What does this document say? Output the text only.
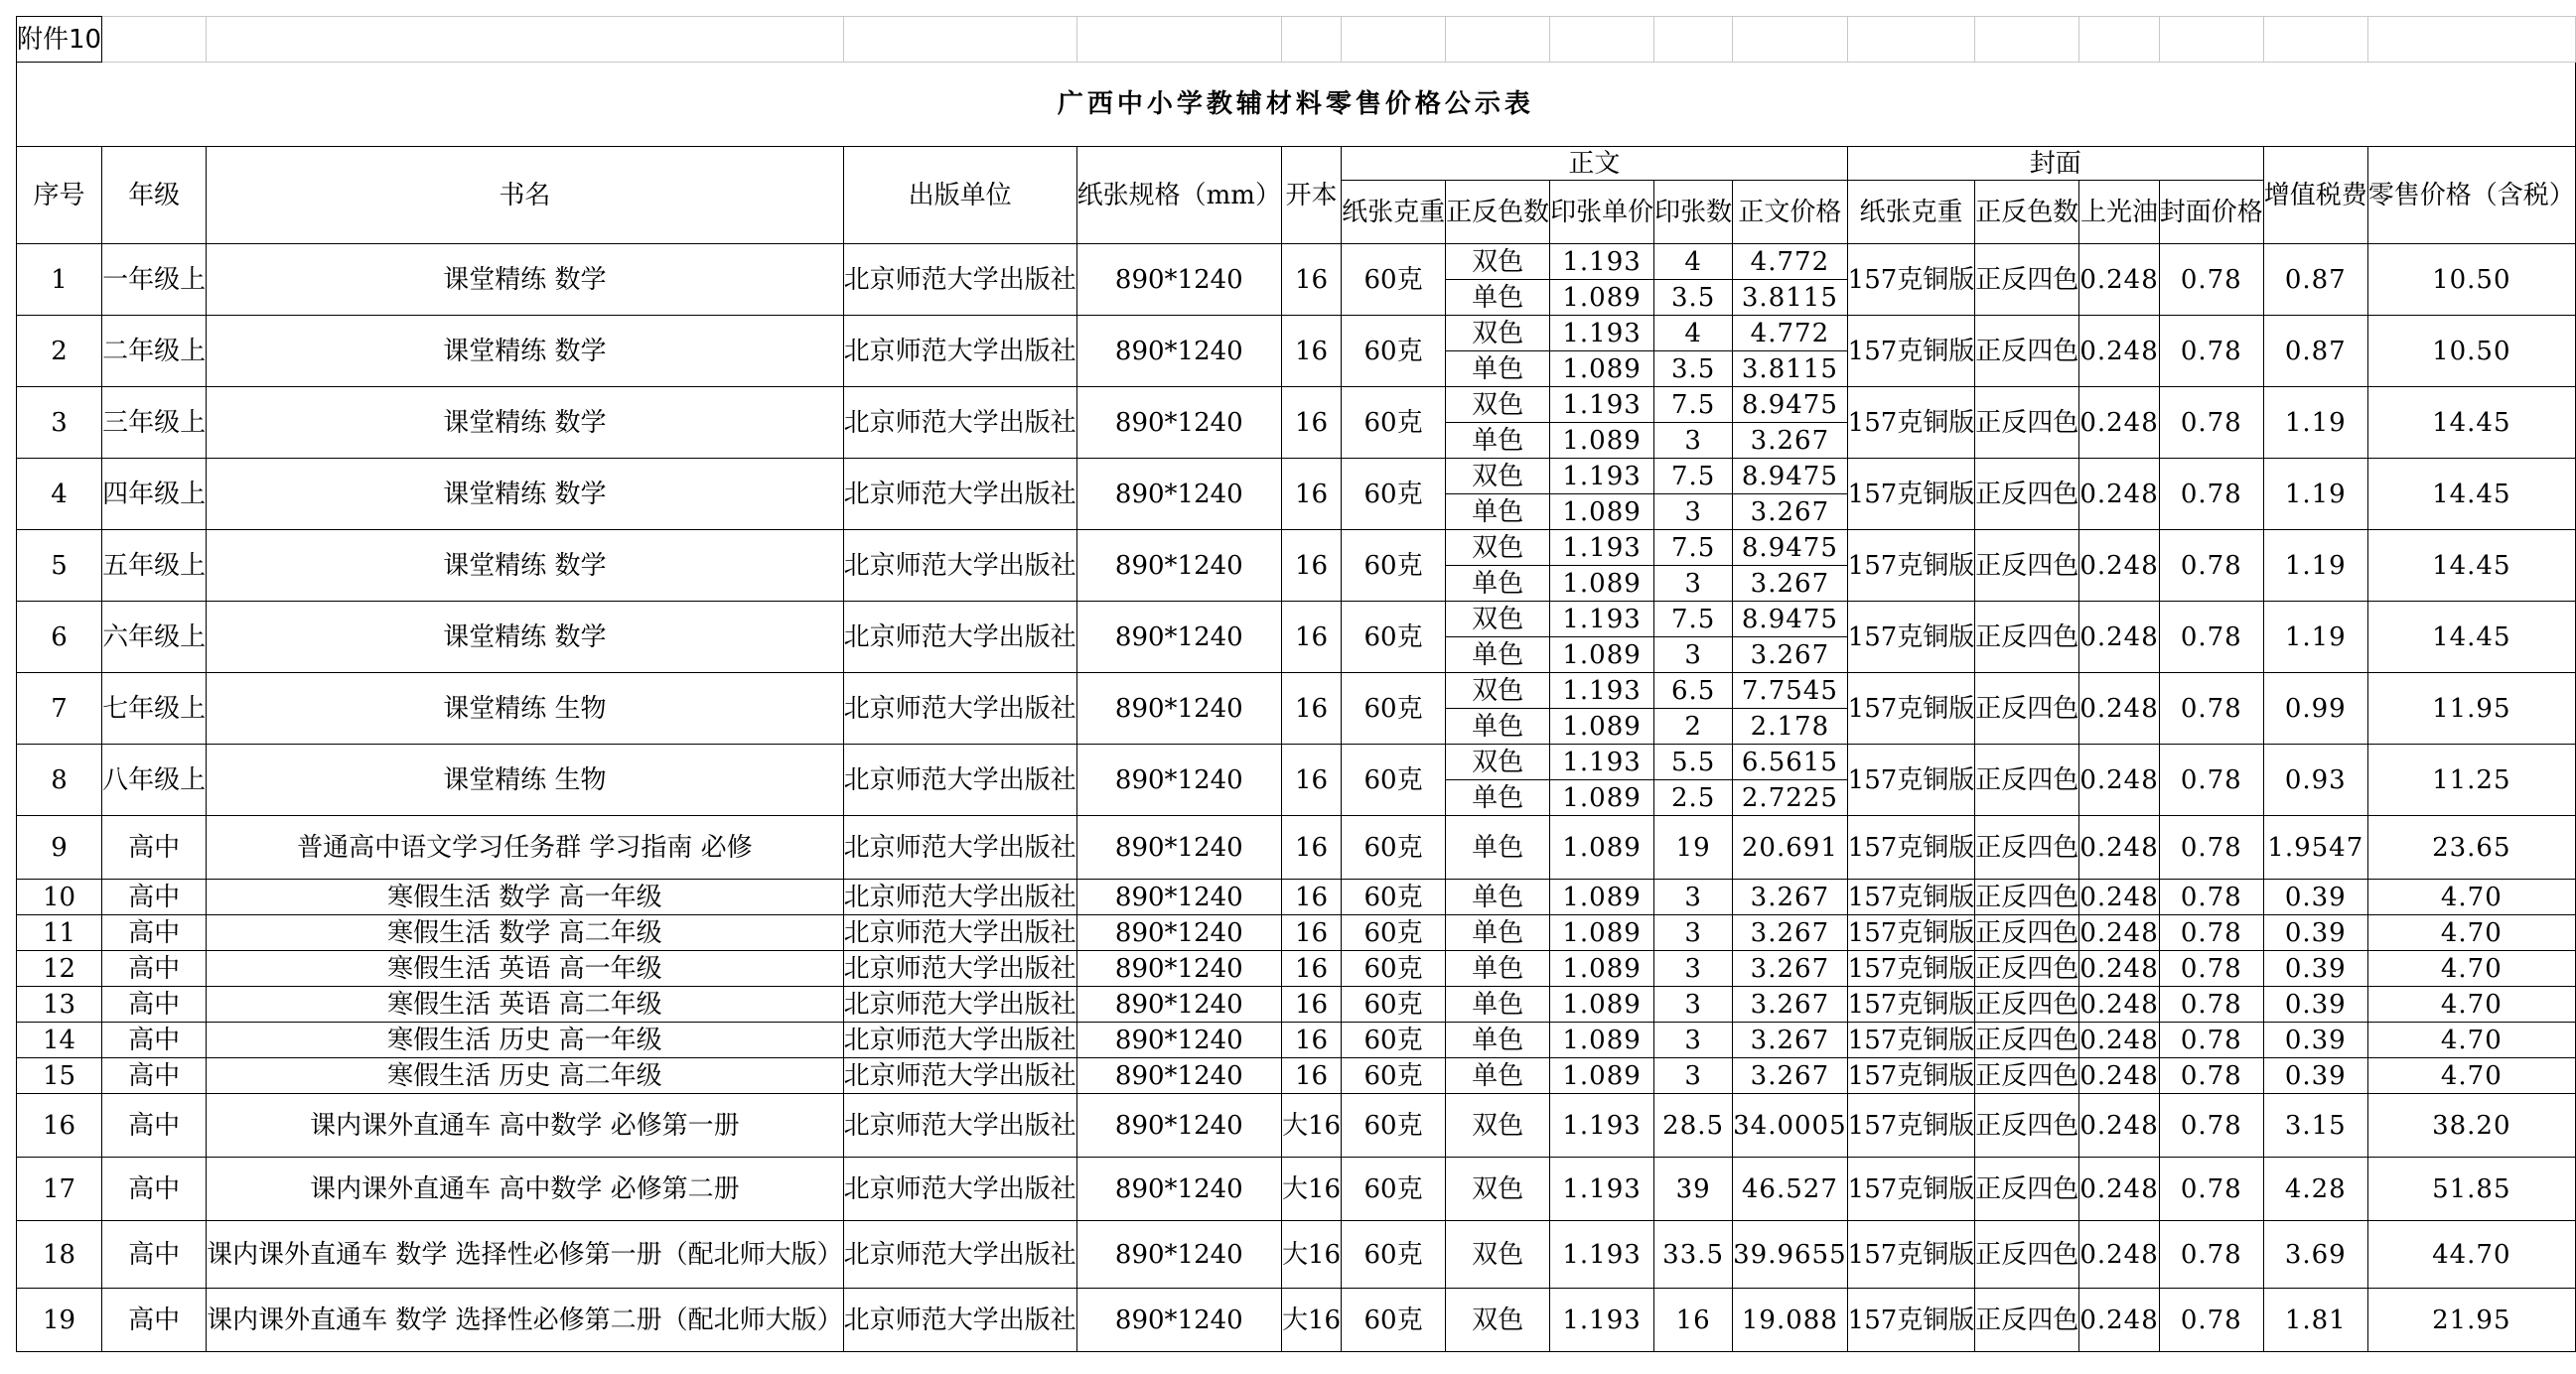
附件10																
广西中小学教辅材料零售价格公示表																
序号	年级	书名	出版单位	纸张规格（mm）	开本	正文					封面				增值税费	零售价格（含税）
						纸张克重	正反色数	印张单价	印张数	正文价格	纸张克重	正反色数	上光油	封面价格		
1	一年级上	课堂精练 数学	北京师范大学出版社	890*1240	16	60克	双色	1.193	4	4.772	157克铜版	正反四色	0.248	0.78	0.87	10.50
							单色	1.089	3.5	3.8115						
2	二年级上	课堂精练 数学	北京师范大学出版社	890*1240	16	60克	双色	1.193	4	4.772	157克铜版	正反四色	0.248	0.78	0.87	10.50
							单色	1.089	3.5	3.8115						
3	三年级上	课堂精练 数学	北京师范大学出版社	890*1240	16	60克	双色	1.193	7.5	8.9475	157克铜版	正反四色	0.248	0.78	1.19	14.45
							单色	1.089	3	3.267						
4	四年级上	课堂精练 数学	北京师范大学出版社	890*1240	16	60克	双色	1.193	7.5	8.9475	157克铜版	正反四色	0.248	0.78	1.19	14.45
							单色	1.089	3	3.267						
5	五年级上	课堂精练 数学	北京师范大学出版社	890*1240	16	60克	双色	1.193	7.5	8.9475	157克铜版	正反四色	0.248	0.78	1.19	14.45
							单色	1.089	3	3.267						
6	六年级上	课堂精练 数学	北京师范大学出版社	890*1240	16	60克	双色	1.193	7.5	8.9475	157克铜版	正反四色	0.248	0.78	1.19	14.45
							单色	1.089	3	3.267						
7	七年级上	课堂精练 生物	北京师范大学出版社	890*1240	16	60克	双色	1.193	6.5	7.7545	157克铜版	正反四色	0.248	0.78	0.99	11.95
							单色	1.089	2	2.178						
8	八年级上	课堂精练 生物	北京师范大学出版社	890*1240	16	60克	双色	1.193	5.5	6.5615	157克铜版	正反四色	0.248	0.78	0.93	11.25
							单色	1.089	2.5	2.7225						
9	高中	普通高中语文学习任务群 学习指南 必修	北京师范大学出版社	890*1240	16	60克	单色	1.089	19	20.691	157克铜版	正反四色	0.248	0.78	1.9547	23.65
10	高中	寒假生活 数学 高一年级	北京师范大学出版社	890*1240	16	60克	单色	1.089	3	3.267	157克铜版	正反四色	0.248	0.78	0.39	4.70
11	高中	寒假生活 数学 高二年级	北京师范大学出版社	890*1240	16	60克	单色	1.089	3	3.267	157克铜版	正反四色	0.248	0.78	0.39	4.70
12	高中	寒假生活 英语 高一年级	北京师范大学出版社	890*1240	16	60克	单色	1.089	3	3.267	157克铜版	正反四色	0.248	0.78	0.39	4.70
13	高中	寒假生活 英语 高二年级	北京师范大学出版社	890*1240	16	60克	单色	1.089	3	3.267	157克铜版	正反四色	0.248	0.78	0.39	4.70
14	高中	寒假生活 历史 高一年级	北京师范大学出版社	890*1240	16	60克	单色	1.089	3	3.267	157克铜版	正反四色	0.248	0.78	0.39	4.70
15	高中	寒假生活 历史 高二年级	北京师范大学出版社	890*1240	16	60克	单色	1.089	3	3.267	157克铜版	正反四色	0.248	0.78	0.39	4.70
16	高中	课内课外直通车 高中数学 必修第一册	北京师范大学出版社	890*1240	大16	60克	双色	1.193	28.5	34.0005	157克铜版	正反四色	0.248	0.78	3.15	38.20
17	高中	课内课外直通车 高中数学 必修第二册	北京师范大学出版社	890*1240	大16	60克	双色	1.193	39	46.527	157克铜版	正反四色	0.248	0.78	4.28	51.85
18	高中	课内课外直通车 数学 选择性必修第一册（配北师大版）	北京师范大学出版社	890*1240	大16	60克	双色	1.193	33.5	39.9655	157克铜版	正反四色	0.248	0.78	3.69	44.70
19	高中	课内课外直通车 数学 选择性必修第二册（配北师大版）	北京师范大学出版社	890*1240	大16	60克	双色	1.193	16	19.088	157克铜版	正反四色	0.248	0.78	1.81	21.95
